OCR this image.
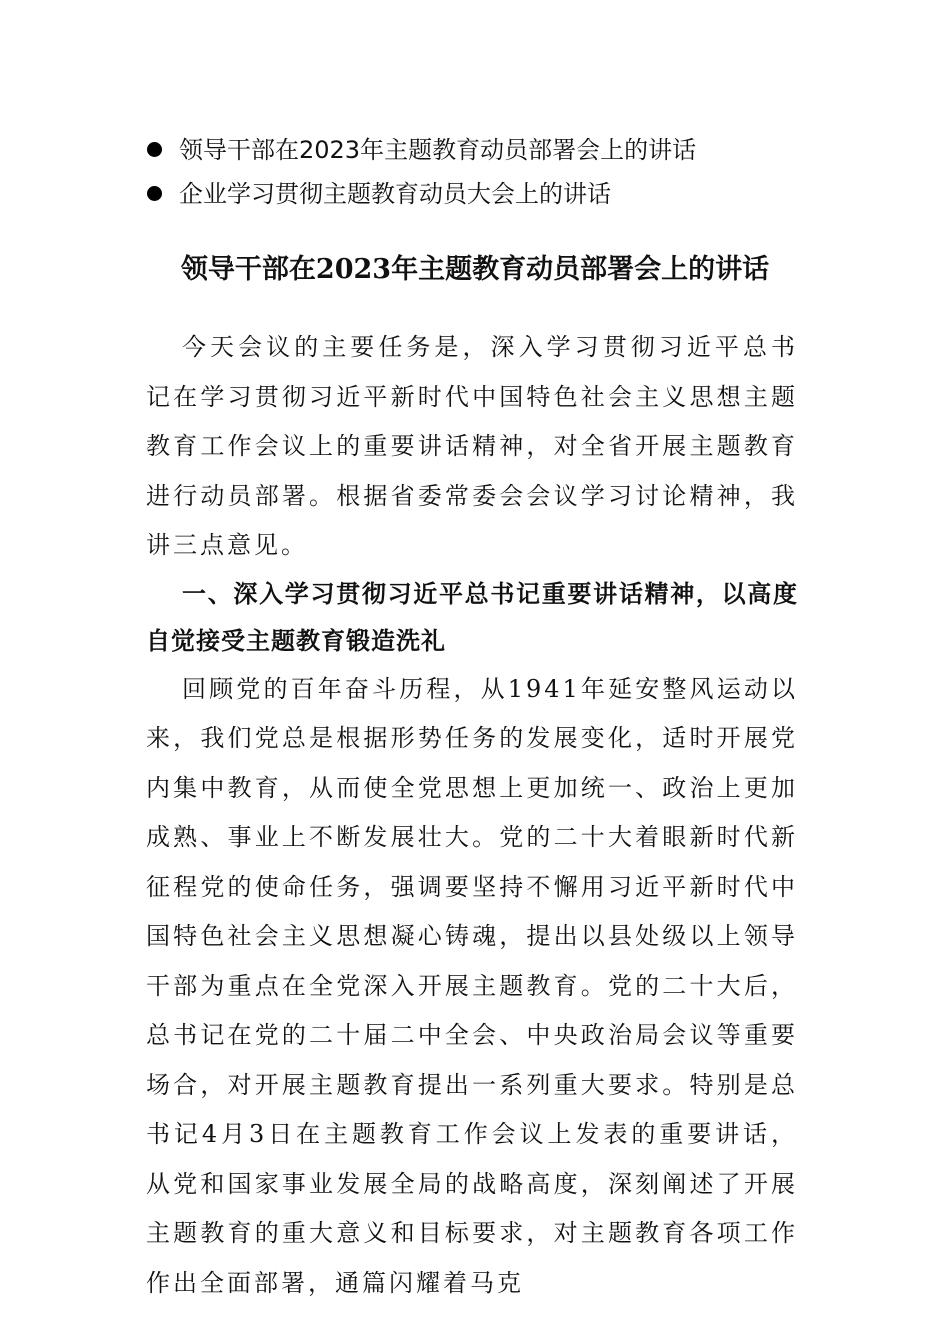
领导干部在2023年主题教育动员部署会上的讲话
企业学习贯彻主题教育动员大会上的讲话
领导干部在2023年主题教育动员部署会上的讲话

今天会议的主要任务是，深入学习贯彻习近平总书记在学习贯彻习近平新时代中国特色社会主义思想主题教育工作会议上的重要讲话精神，对全省开展主题教育进行动员部署。根据省委常委会会议学习讨论精神，我讲三点意见。

一、深入学习贯彻习近平总书记重要讲话精神，以高度自觉接受主题教育锻造洗礼

回顾党的百年奋斗历程，从1941年延安整风运动以来，我们党总是根据形势任务的发展变化，适时开展党内集中教育，从而使全党思想上更加统一、政治上更加成熟、事业上不断发展壮大。党的二十大着眼新时代新征程党的使命任务，强调要坚持不懈用习近平新时代中国特色社会主义思想凝心铸魂，提出以县处级以上领导干部为重点在全党深入开展主题教育。党的二十大后，总书记在党的二十届二中全会、中央政治局会议等重要场合，对开展主题教育提出一系列重大要求。特别是总书记4月3日在主题教育工作会议上发表的重要讲话，从党和国家事业发展全局的战略高度，深刻阐述了开展主题教育的重大意义和目标要求，对主题教育各项工作作出全面部署，通篇闪耀着马克
